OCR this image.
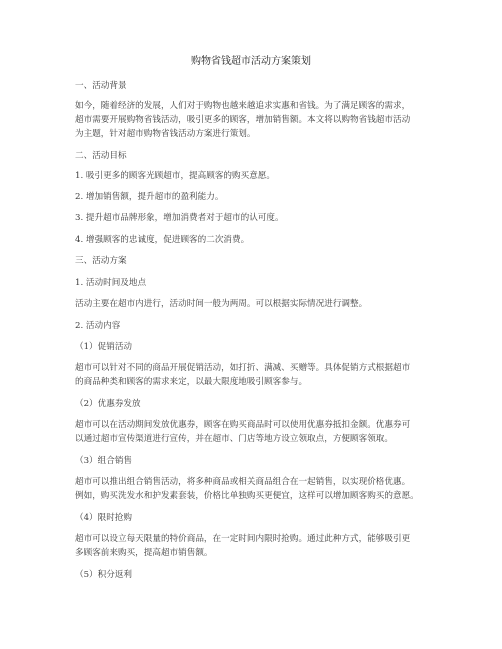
购物省钱超市活动方案策划
一、活动背景
如今，随着经济的发展，人们对于购物也越来越追求实惠和省钱。为了满足顾客的需求，
超市需要开展购物省钱活动，吸引更多的顾客，增加销售额。本文将以购物省钱超市活动
为主题，针对超市购物省钱活动方案进行策划。
二、活动目标
1. 吸引更多的顾客光顾超市，提高顾客的购买意愿。
2. 增加销售额，提升超市的盈利能力。
3. 提升超市品牌形象，增加消费者对于超市的认可度。
4. 增强顾客的忠诚度，促进顾客的二次消费。
三、活动方案
1. 活动时间及地点
活动主要在超市内进行，活动时间一般为两周。可以根据实际情况进行调整。
2. 活动内容
（1）促销活动
超市可以针对不同的商品开展促销活动，如打折、满减、买赠等。具体促销方式根据超市
的商品种类和顾客的需求来定，以最大限度地吸引顾客参与。
（2）优惠券发放
超市可以在活动期间发放优惠券，顾客在购买商品时可以使用优惠券抵扣金额。优惠券可
以通过超市宣传渠道进行宣传，并在超市、门店等地方设立领取点，方便顾客领取。
（3）组合销售
超市可以推出组合销售活动，将多种商品或相关商品组合在一起销售，以实现价格优惠。
例如，购买洗发水和护发素套装，价格比单独购买更便宜，这样可以增加顾客购买的意愿。
（4）限时抢购
超市可以设立每天限量的特价商品，在一定时间内限时抢购。通过此种方式，能够吸引更
多顾客前来购买，提高超市销售额。
（5）积分返利
